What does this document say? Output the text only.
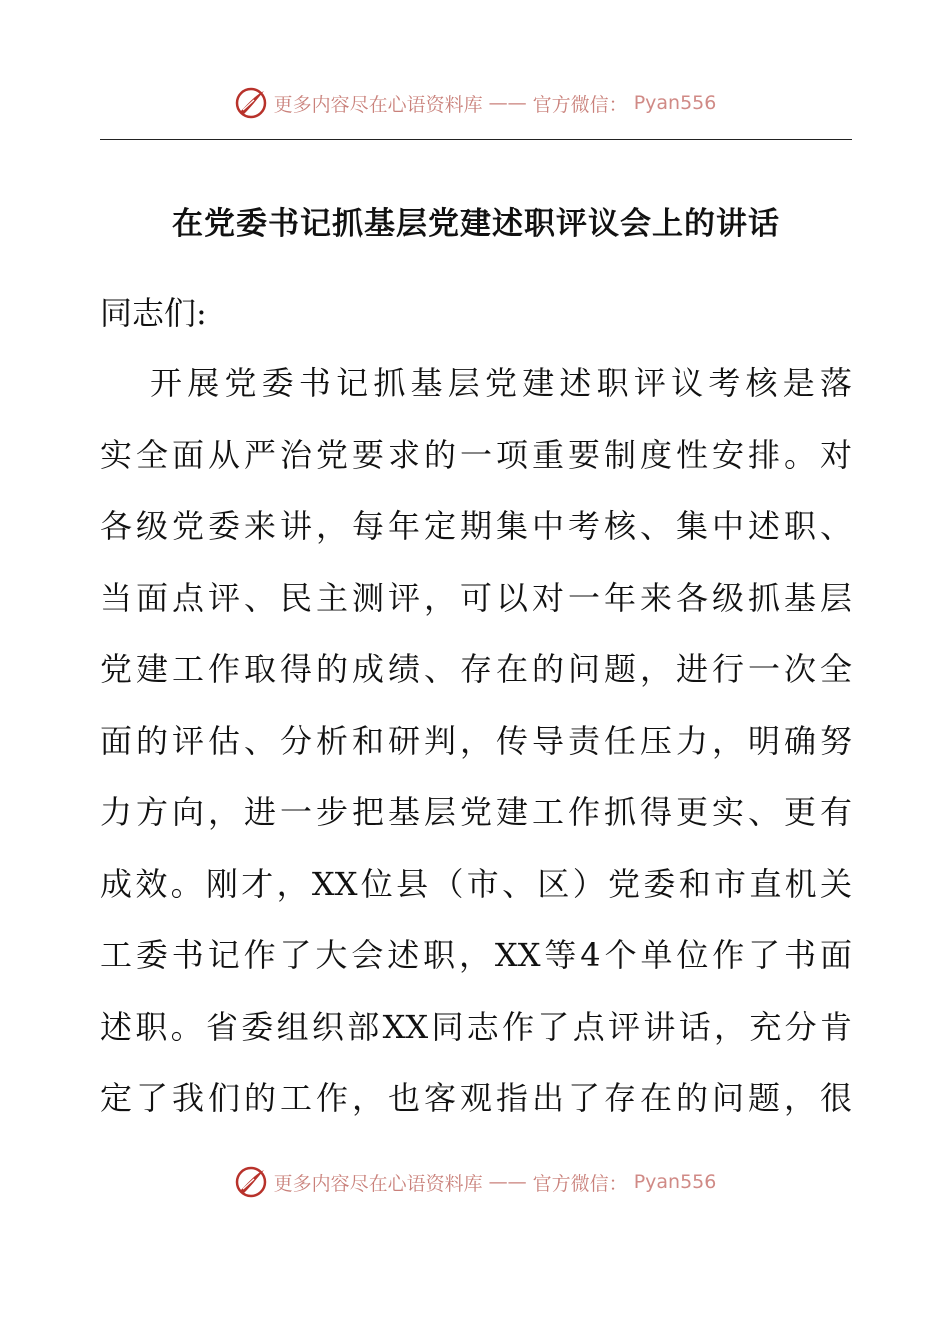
更多内容尽在心语资料库 —— 官方微信： Pyan556
在党委书记抓基层党建述职评议会上的讲话
同志们:
开展党委书记抓基层党建述职评议考核是落
实全面从严治党要求的一项重要制度性安排。对
各级党委来讲，每年定期集中考核、集中述职、
当面点评、民主测评，可以对一年来各级抓基层
党建工作取得的成绩、存在的问题，进行一次全
面的评估、分析和研判，传导责任压力，明确努
力方向，进一步把基层党建工作抓得更实、更有
成效。刚才，XX位县（市、区）党委和市直机关
工委书记作了大会述职，XX等4个单位作了书面
述职。省委组织部XX同志作了点评讲话，充分肯
定了我们的工作，也客观指出了存在的问题，很
更多内容尽在心语资料库 —— 官方微信： Pyan556
